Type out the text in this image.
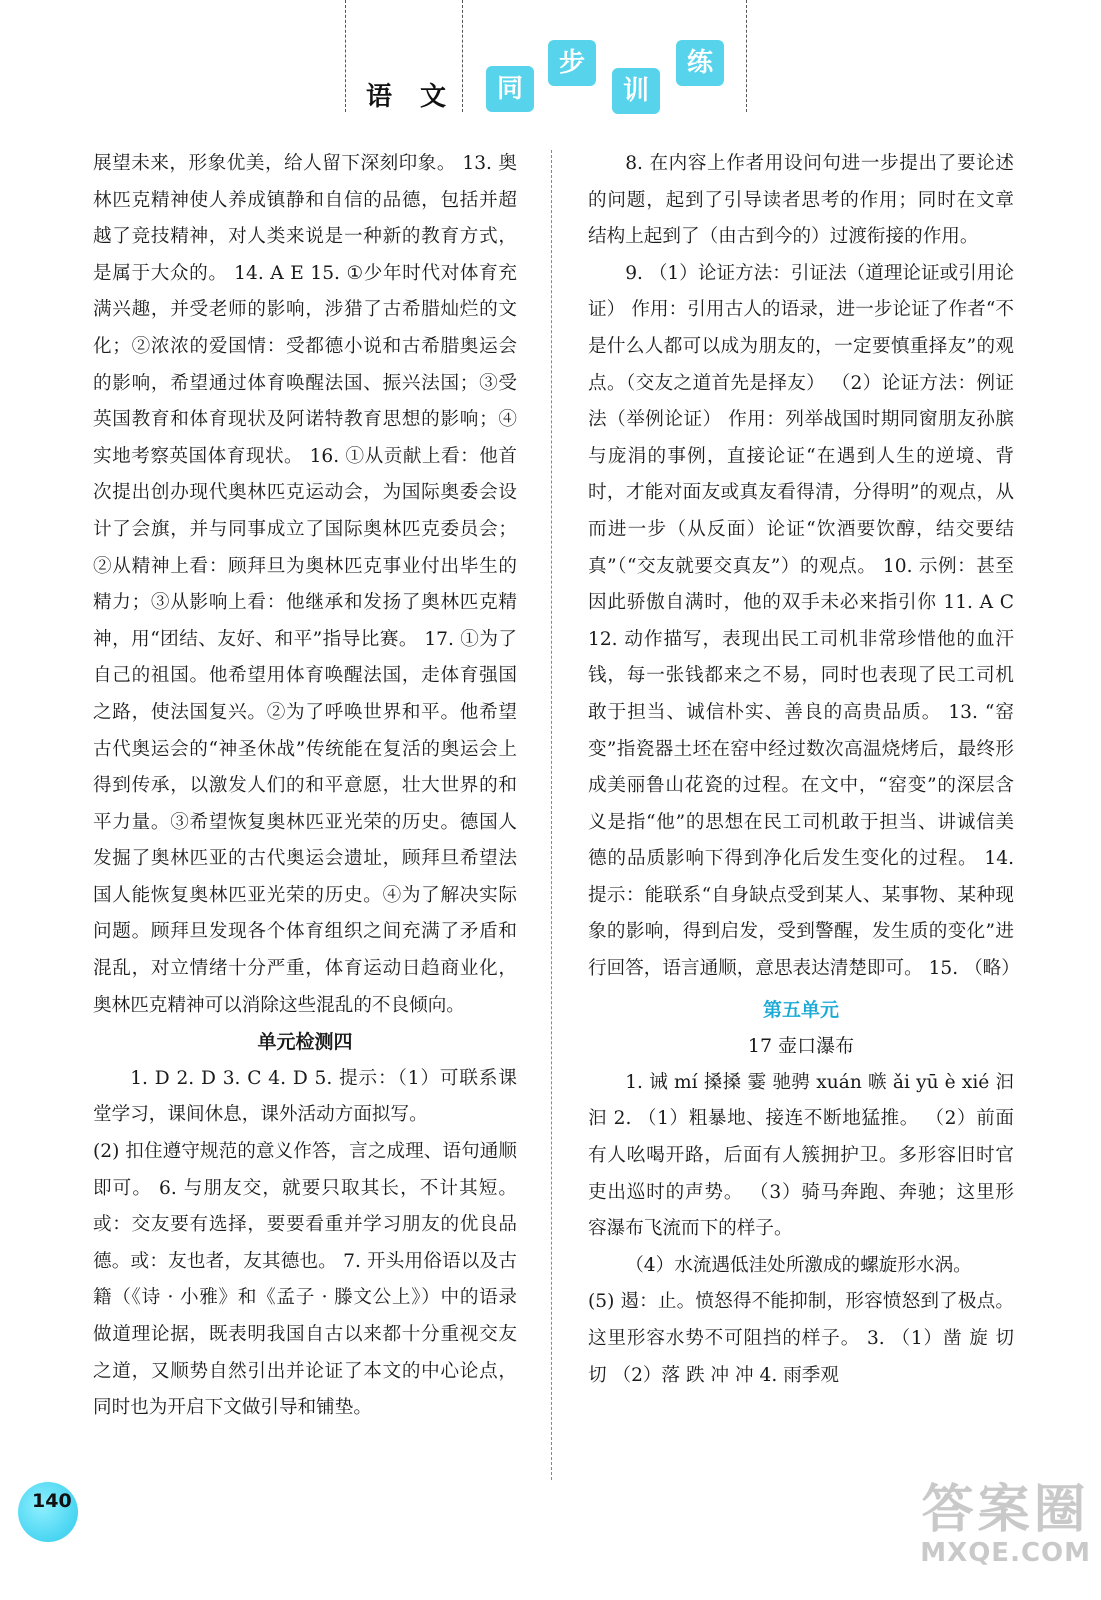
语 文	同
步
训
练

展望未来，形象优美，给人留下深刻印象。 13. 奥林匹克精神使人养成镇静和自信的品德，包括并超越了竞技精神，对人类来说是一种新的教育方式，是属于大众的。 14. A E 15. ①少年时代对体育充满兴趣，并受老师的影响，涉猎了古希腊灿烂的文化；②浓浓的爱国情：受都德小说和古希腊奥运会的影响，希望通过体育唤醒法国、振兴法国；③受英国教育和体育现状及阿诺特教育思想的影响；④实地考察英国体育现状。 16. ①从贡献上看：他首次提出创办现代奥林匹克运动会，为国际奥委会设计了会旗，并与同事成立了国际奥林匹克委员会；②从精神上看：顾拜旦为奥林匹克事业付出毕生的精力；③从影响上看：他继承和发扬了奥林匹克精神，用“团结、友好、和平”指导比赛。 17. ①为了自己的祖国。他希望用体育唤醒法国，走体育强国之路，使法国复兴。②为了呼唤世界和平。他希望古代奥运会的“神圣休战”传统能在复活的奥运会上得到传承，以激发人们的和平意愿，壮大世界的和平力量。③希望恢复奥林匹亚光荣的历史。德国人发掘了奥林匹亚的古代奥运会遗址，顾拜旦希望法国人能恢复奥林匹亚光荣的历史。④为了解决实际问题。顾拜旦发现各个体育组织之间充满了矛盾和混乱，对立情绪十分严重，体育运动日趋商业化，奥林匹克精神可以消除这些混乱的不良倾向。

单元检测四

1. D 2. D 3. C 4. D 5. 提示：（1）可联系课堂学习，课间休息，课外活动方面拟写。

(2) 扣住遵守规范的意义作答，言之成理、语句通顺即可。 6. 与朋友交，就要只取其长，不计其短。或：交友要有选择，要要看重并学习朋友的优良品德。或：友也者，友其德也。 7. 开头用俗语以及古籍（《诗 · 小雅》和《孟子 · 滕文公上》）中的语录做道理论据，既表明我国自古以来都十分重视交友之道，又顺势自然引出并论证了本文的中心论点，同时也为开启下文做引导和铺垫。

8. 在内容上作者用设问句进一步提出了要论述的问题，起到了引导读者思考的作用；同时在文章结构上起到了（由古到今的）过渡衔接的作用。

9. （1）论证方法：引证法（道理论证或引用论证） 作用：引用古人的语录，进一步论证了作者“不是什么人都可以成为朋友的，一定要慎重择友”的观点。（交友之道首先是择友） （2）论证方法：例证法（举例论证） 作用：列举战国时期同窗朋友孙膑与庞涓的事例，直接论证“在遇到人生的逆境、背时，才能对面友或真友看得清，分得明”的观点，从而进一步（从反面）论证“饮酒要饮醇，结交要结真”（“交友就要交真友”）的观点。 10. 示例：甚至因此骄傲自满时，他的双手未必来指引你 11. A C 12. 动作描写，表现出民工司机非常珍惜他的血汗钱，每一张钱都来之不易，同时也表现了民工司机敢于担当、诚信朴实、善良的高贵品质。 13. “窑变”指瓷器土坯在窑中经过数次高温烧烤后，最终形成美丽鲁山花瓷的过程。在文中，“窑变”的深层含义是指“他”的思想在民工司机敢于担当、讲诚信美德的品质影响下得到净化后发生变化的过程。 14. 提示：能联系“自身缺点受到某人、某事物、某种现象的影响，得到启发，受到警醒，发生质的变化”进行回答，语言通顺，意思表达清楚即可。 15. （略）

第五单元

17 壶口瀑布

1. 诫 mí 搡搡 霎 驰骋 xuán 嗾 ǎi yū è xié 汩汩 2. （1）粗暴地、接连不断地猛推。 （2）前面有人吆喝开路，后面有人簇拥护卫。多形容旧时官吏出巡时的声势。 （3）骑马奔跑、奔驰；这里形容瀑布飞流而下的样子。

（4）水流遇低洼处所激成的螺旋形水涡。

(5) 遏：止。愤怒得不能抑制，形容愤怒到了极点。这里形容水势不可阻挡的样子。 3. （1）凿 旋 切 切 （2）落 跌 冲 冲 4. 雨季观

140	答案圈
MXQE.COM
